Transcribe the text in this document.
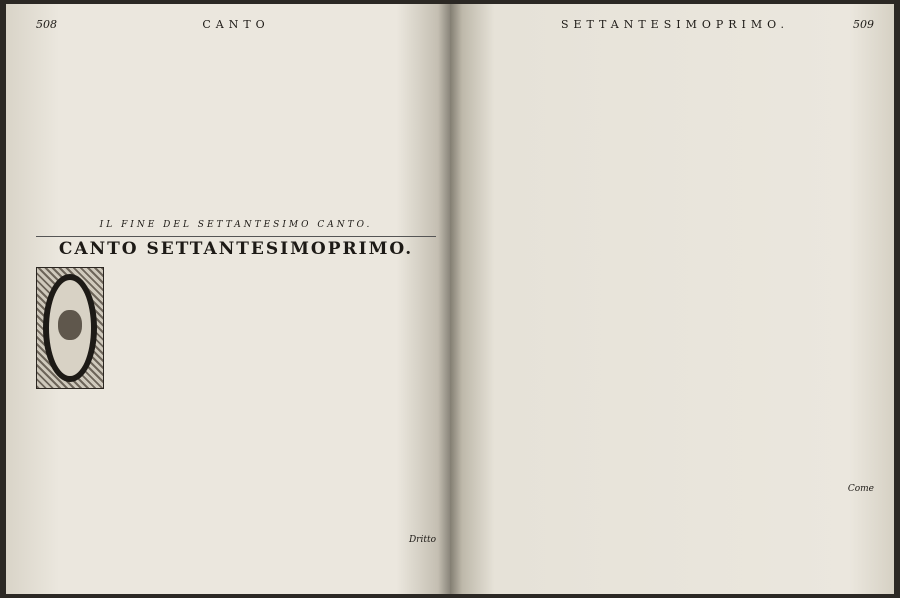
508	CANTO
IL FINE DEL SETTANTESIMO CANTO.
CANTO SETTANTESIMOPRIMO.
Dritto
SETTANTESIMOPRIMO.	509
Come
